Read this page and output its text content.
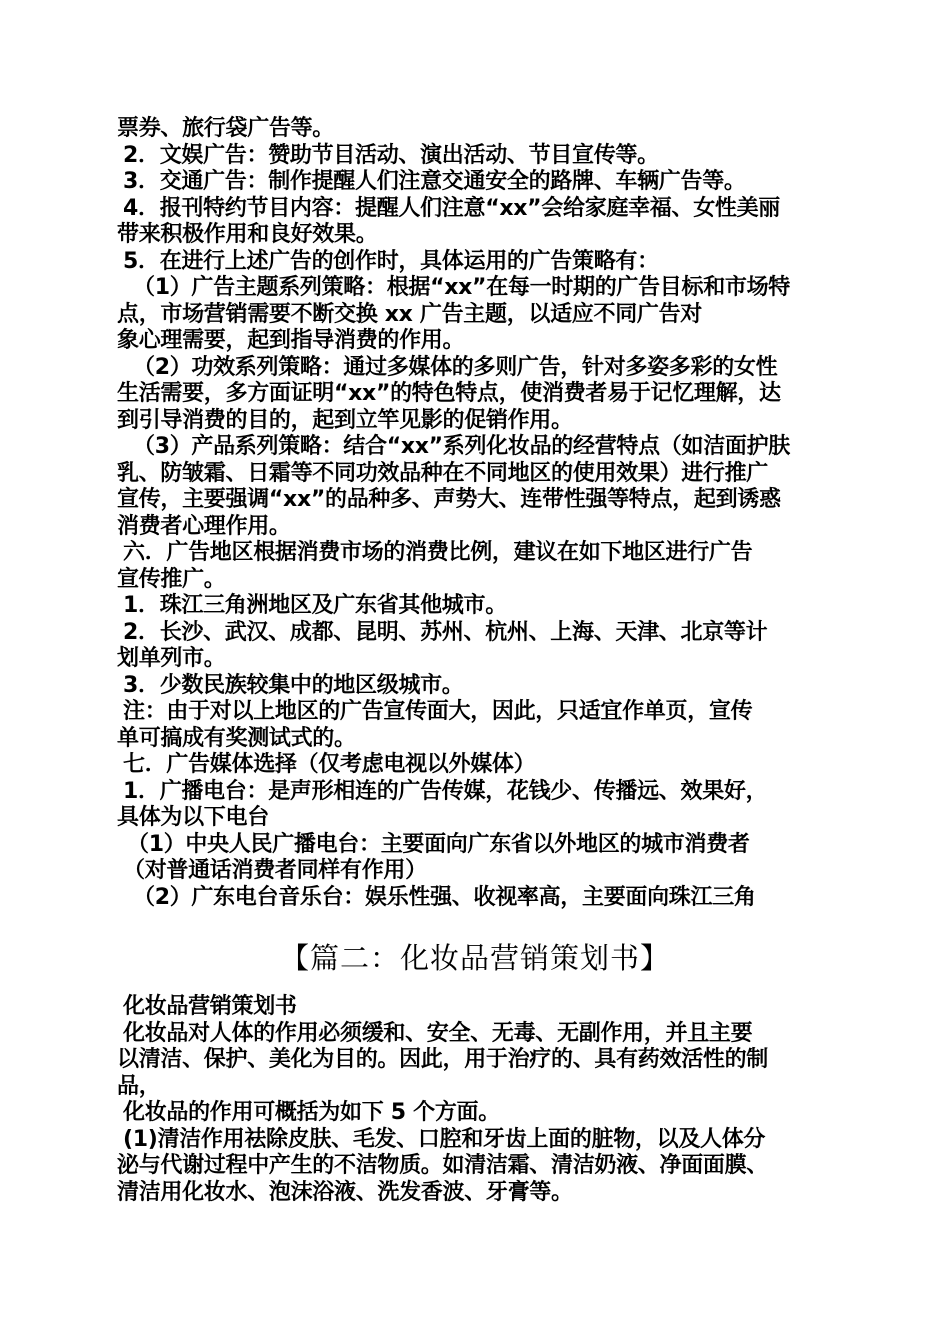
票券、旅行袋广告等。
2．文娱广告：赞助节目活动、演出活动、节目宣传等。
3．交通广告：制作提醒人们注意交通安全的路牌、车辆广告等。
4．报刊特约节目内容：提醒人们注意“xx”会给家庭幸福、女性美丽
带来积极作用和良好效果。
5．在进行上述广告的创作时，具体运用的广告策略有：
（1）广告主题系列策略：根据“xx”在每一时期的广告目标和市场特
点，市场营销需要不断交换 xx 广告主题，以适应不同广告对
象心理需要，起到指导消费的作用。
（2）功效系列策略：通过多媒体的多则广告，针对多姿多彩的女性
生活需要，多方面证明“xx”的特色特点，使消费者易于记忆理解，达
到引导消费的目的，起到立竿见影的促销作用。
（3）产品系列策略：结合“xx”系列化妆品的经营特点（如洁面护肤
乳、防皱霜、日霜等不同功效品种在不同地区的使用效果）进行推广
宣传，主要强调“xx”的品种多、声势大、连带性强等特点，起到诱惑
消费者心理作用。
六．广告地区根据消费市场的消费比例，建议在如下地区进行广告
宣传推广。
1．珠江三角洲地区及广东省其他城市。
2．长沙、武汉、成都、昆明、苏州、杭州、上海、天津、北京等计
划单列市。
3．少数民族较集中的地区级城市。
注：由于对以上地区的广告宣传面大，因此，只适宜作单页，宣传
单可搞成有奖测试式的。
七．广告媒体选择（仅考虑电视以外媒体）
1．广播电台：是声形相连的广告传媒，花钱少、传播远、效果好，
具体为以下电台
（1）中央人民广播电台：主要面向广东省以外地区的城市消费者
（对普通话消费者同样有作用）
（2）广东电台音乐台：娱乐性强、收视率高，主要面向珠江三角
【篇二：化妆品营销策划书】
化妆品营销策划书
化妆品对人体的作用必须缓和、安全、无毒、无副作用，并且主要
以清洁、保护、美化为目的。因此，用于治疗的、具有药效活性的制
品，
化妆品的作用可概括为如下 5 个方面。
(1)清洁作用祛除皮肤、毛发、口腔和牙齿上面的脏物，以及人体分
泌与代谢过程中产生的不洁物质。如清洁霜、清洁奶液、净面面膜、
清洁用化妆水、泡沫浴液、洗发香波、牙膏等。
